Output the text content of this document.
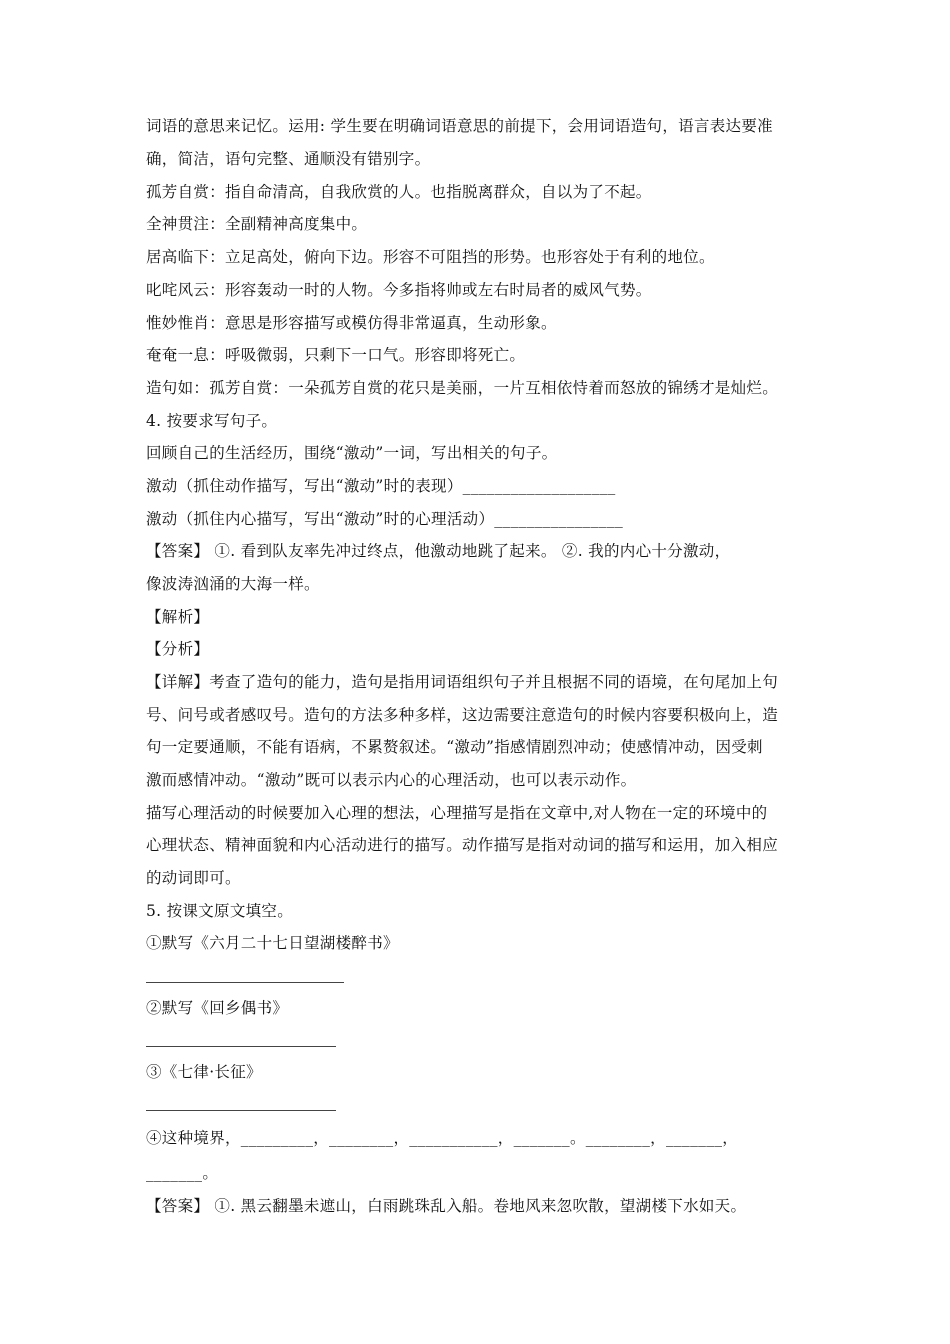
词语的意思来记忆。运用: 学生要在明确词语意思的前提下，会用词语造句，语言表达要准
确，简洁，语句完整、通顺没有错别字。
孤芳自赏：指自命清高，自我欣赏的人。也指脱离群众，自以为了不起。
全神贯注：全副精神高度集中。
居高临下：立足高处，俯向下边。形容不可阻挡的形势。也形容处于有利的地位。
叱咤风云：形容轰动一时的人物。今多指将帅或左右时局者的威风气势。
惟妙惟肖：意思是形容描写或模仿得非常逼真，生动形象。
奄奄一息：呼吸微弱，只剩下一口气。形容即将死亡。
造句如：孤芳自赏：一朵孤芳自赏的花只是美丽，一片互相依恃着而怒放的锦绣才是灿烂。
4. 按要求写句子。
回顾自己的生活经历，围绕“激动”一词，写出相关的句子。
激动（抓住动作描写，写出“激动”时的表现）___________________
激动（抓住内心描写，写出“激动”时的心理活动）________________
【答案】 ①. 看到队友率先冲过终点，他激动地跳了起来。 ②. 我的内心十分激动，
像波涛汹涌的大海一样。
【解析】
【分析】
【详解】考查了造句的能力，造句是指用词语组织句子并且根据不同的语境，在句尾加上句
号、问号或者感叹号。造句的方法多种多样，这边需要注意造句的时候内容要积极向上，造
句一定要通顺，不能有语病，不累赘叙述。“激动”指感情剧烈冲动；使感情冲动，因受刺
激而感情冲动。“激动”既可以表示内心的心理活动，也可以表示动作。
描写心理活动的时候要加入心理的想法，心理描写是指在文章中,对人物在一定的环境中的
心理状态、精神面貌和内心活动进行的描写。动作描写是指对动词的描写和运用，加入相应
的动词即可。
5. 按课文原文填空。
①默写《六月二十七日望湖楼醉书》
②默写《回乡偶书》
③《七律·长征》
④这种境界，_________，________，___________，_______。________，_______，
_______。
【答案】 ①. 黑云翻墨未遮山，白雨跳珠乱入船。卷地风来忽吹散，望湖楼下水如天。
